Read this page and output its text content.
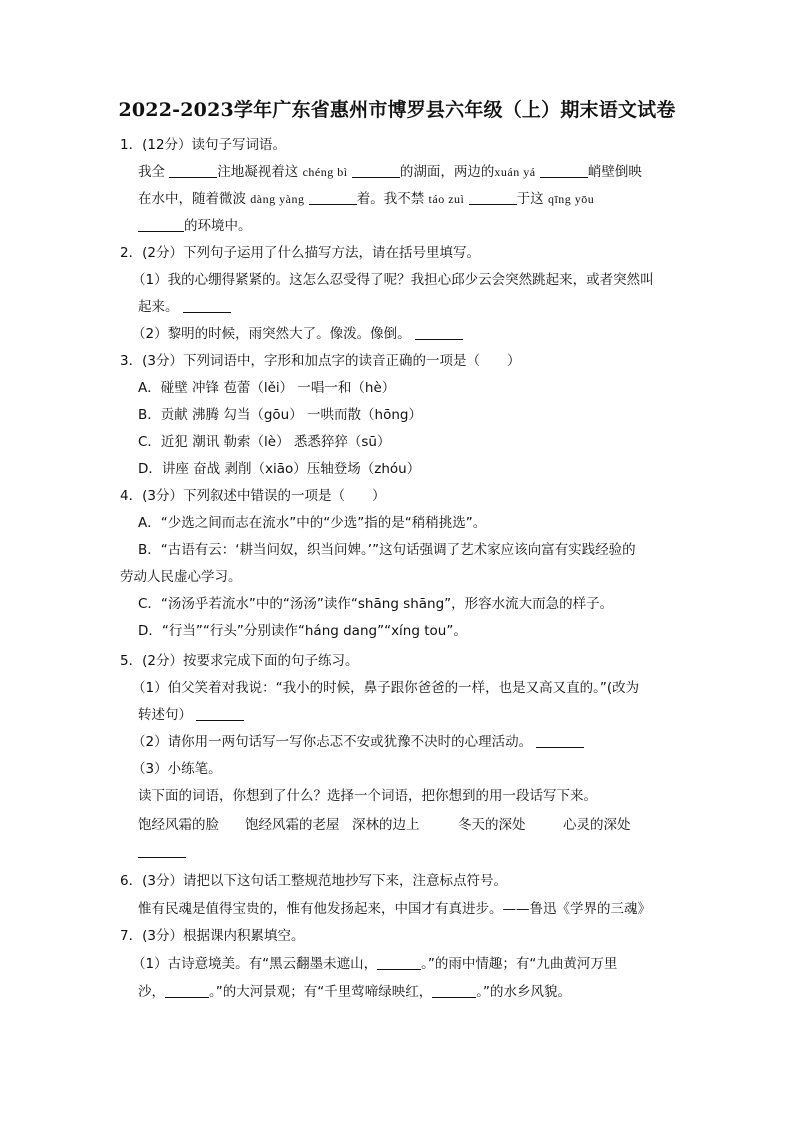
2022-2023学年广东省惠州市博罗县六年级（上）期末语文试卷
1．(12分）读句子写词语。
我全	注地凝视着这 chéng bì	的湖面，两边的xuán yá	峭壁倒映
在水中，随着微波 dàng yàng	着。我不禁 táo zuì	于这 qīng yōu
的环境中。
2．(2分）下列句子运用了什么描写方法，请在括号里填写。
（1）我的心绷得紧紧的。这怎么忍受得了呢？我担心邱少云会突然跳起来，或者突然叫
起来。
（2）黎明的时候，雨突然大了。像泼。像倒。
3．(3分）下列词语中，字形和加点字的读音正确的一项是（　　）
A．碰壁 冲锋 苞蕾（lěi） 一唱一和（hè）
B．贡献 沸腾 勾当（gōu） 一哄而散（hōng）
C．近犯 潮讯 勒索（lè） 悉悉猝猝（sū）
D．讲座 奋战 剥削（xiāo）压轴登场（zhóu）
4．(3分）下列叙述中错误的一项是（　　）
A．“少选之间而志在流水”中的“少选”指的是“稍稍挑选”。
B．“古语有云：‘耕当问奴，织当问婢。’”这句话强调了艺术家应该向富有实践经验的
劳动人民虚心学习。
C．“汤汤乎若流水”中的“汤汤”读作“shāng shāng”，形容水流大而急的样子。
D．“行当”“行头”分别读作“háng dang”“xíng tou”。
5．(2分）按要求完成下面的句子练习。
（1）伯父笑着对我说：“我小的时候，鼻子跟你爸爸的一样，也是又高又直的。”(改为
转述句）
（2）请你用一两句话写一写你忐忑不安或犹豫不决时的心理活动。
（3）小练笔。
读下面的词语，你想到了什么？选择一个词语，把你想到的用一段话写下来。
饱经风霜的脸 饱经风霜的老屋 深林的边上	冬天的深处	心灵的深处
6．(3分）请把以下这句话工整规范地抄写下来，注意标点符号。
惟有民魂是值得宝贵的，惟有他发扬起来，中国才有真进步。——鲁迅《学界的三魂》
7．(3分）根据课内积累填空。
（1）古诗意境美。有“黑云翻墨未遮山，	。”的雨中情趣；有“九曲黄河万里
沙，	。”的大河景观；有“千里莺啼绿映红，	。”的水乡风貌。
